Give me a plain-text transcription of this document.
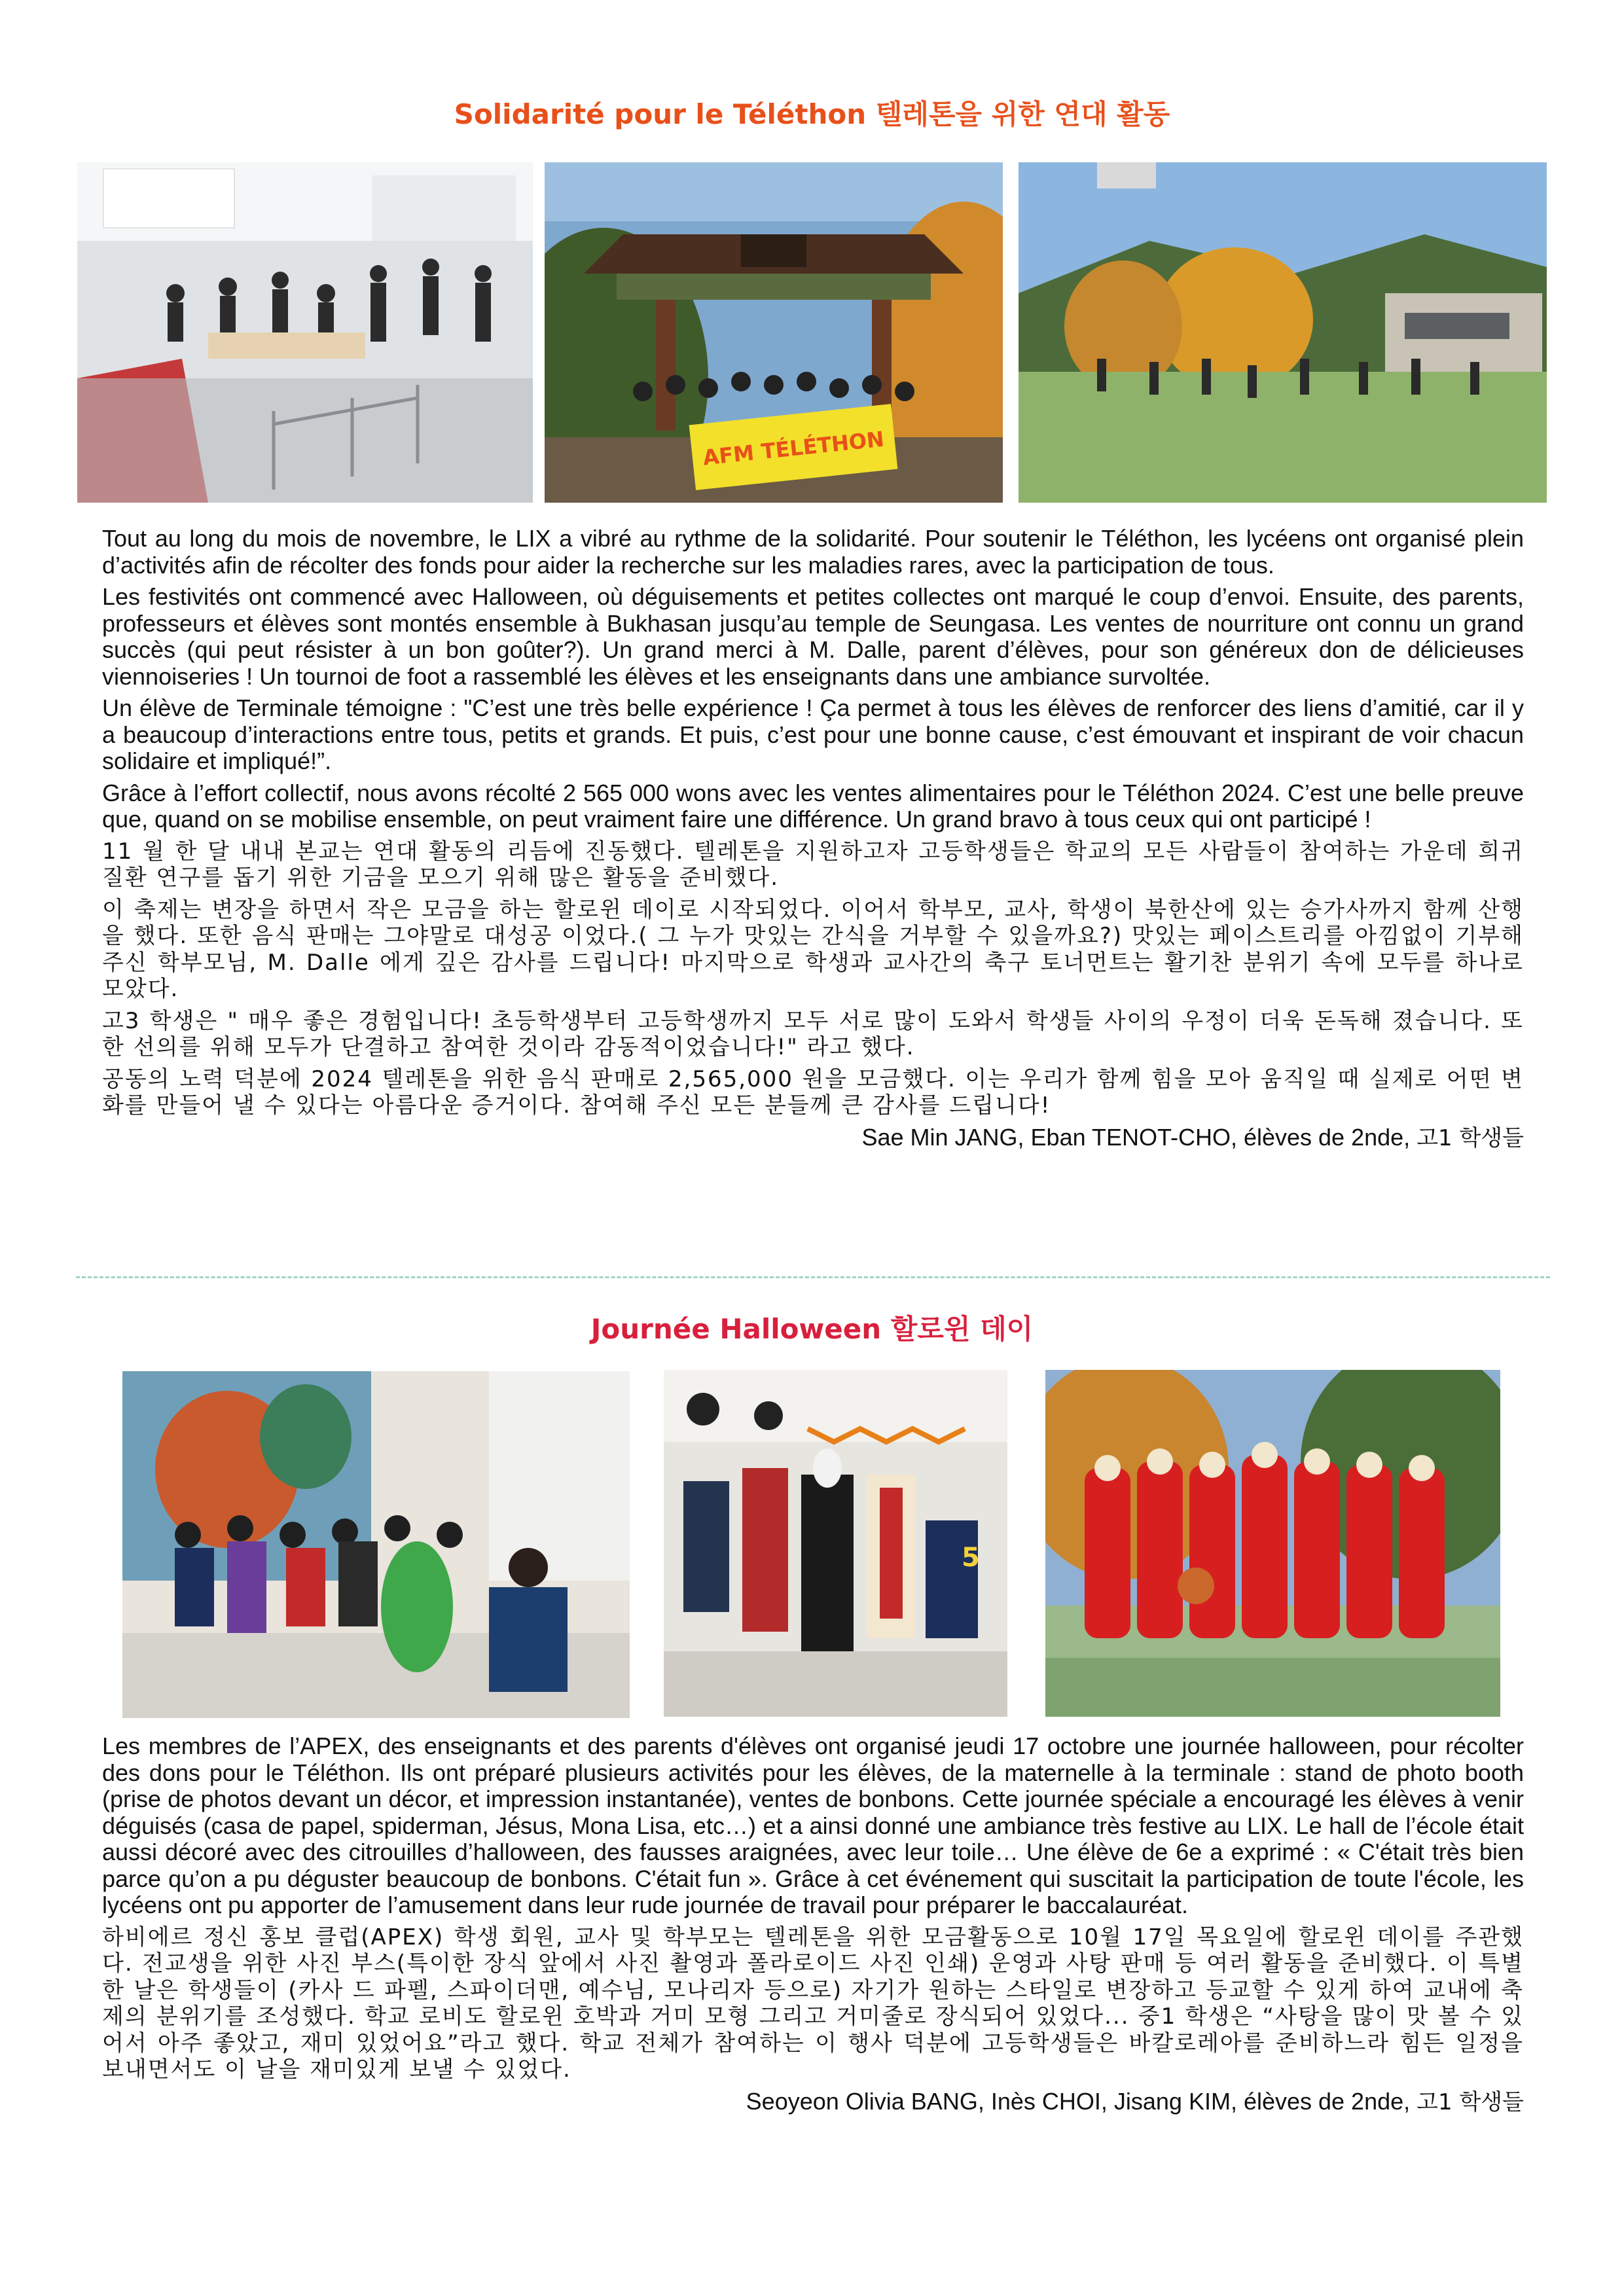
Solidarité pour le Téléthon 텔레톤을 위한 연대 활동
AFM TÉLÉTHON

Tout au long du mois de novembre, le LIX a vibré au rythme de la solidarité. Pour soutenir le Téléthon, les lycéens ont organisé plein d’activités afin de récolter des fonds pour aider la recherche sur les maladies rares, avec la participation de tous.

Les festivités ont commencé avec Halloween, où déguisements et petites collectes ont marqué le coup d’envoi. Ensuite, des parents, professeurs et élèves sont montés ensemble à Bukhasan jusqu’au temple de Seungasa. Les ventes de nourriture ont connu un grand succès (qui peut résister à un bon goûter?). Un grand merci à M. Dalle, parent d’élèves, pour son généreux don de délicieuses viennoiseries ! Un tournoi de foot a rassemblé les élèves et les enseignants dans une ambiance survoltée.

Un élève de Terminale témoigne : "C’est une très belle expérience ! Ça permet à tous les élèves de renforcer des liens d’amitié, car il y a beaucoup d’interactions entre tous, petits et grands. Et puis, c’est pour une bonne cause, c’est émouvant et inspirant de voir chacun solidaire et impliqué!”.

Grâce à l’effort collectif, nous avons récolté 2 565 000 wons avec les ventes alimentaires pour le Téléthon 2024. C’est une belle preuve que, quand on se mobilise ensemble, on peut vraiment faire une différence. Un grand bravo à tous ceux qui ont participé !

11 월 한 달 내내 본교는 연대 활동의 리듬에 진동했다. 텔레톤을 지원하고자 고등학생들은 학교의 모든 사람들이 참여하는 가운데 희귀질환 연구를 돕기 위한 기금을 모으기 위해 많은 활동을 준비했다.

이 축제는 변장을 하면서 작은 모금을 하는 할로윈 데이로 시작되었다. 이어서 학부모, 교사, 학생이 북한산에 있는 승가사까지 함께 산행을 했다. 또한 음식 판매는 그야말로 대성공 이었다.( 그 누가 맛있는 간식을 거부할 수 있을까요?) 맛있는 페이스트리를 아낌없이 기부해주신 학부모님, M. Dalle 에게 깊은 감사를 드립니다! 마지막으로 학생과 교사간의 축구 토너먼트는 활기찬 분위기 속에 모두를 하나로 모았다.

고3 학생은 " 매우 좋은 경험입니다! 초등학생부터 고등학생까지 모두 서로 많이 도와서 학생들 사이의 우정이 더욱 돈독해 졌습니다. 또한 선의를 위해 모두가 단결하고 참여한 것이라 감동적이었습니다!" 라고 했다.

공동의 노력 덕분에 2024 텔레톤을 위한 음식 판매로 2,565,000 원을 모금했다. 이는 우리가 함께 힘을 모아 움직일 때 실제로 어떤 변화를 만들어 낼 수 있다는 아름다운 증거이다. 참여해 주신 모든 분들께 큰 감사를 드립니다!

Sae Min JANG, Eban TENOT-CHO, élèves de 2nde, 고1 학생들

Journée Halloween 할로윈 데이
5

Les membres de l’APEX, des enseignants et des parents d'élèves ont organisé jeudi 17 octobre une journée halloween, pour récolter des dons pour le Téléthon. Ils ont préparé plusieurs activités pour les élèves, de la maternelle à la terminale : stand de photo booth (prise de photos devant un décor, et impression instantanée), ventes de bonbons. Cette journée spéciale a encouragé les élèves à venir déguisés (casa de papel, spiderman, Jésus, Mona Lisa, etc…) et a ainsi donné une ambiance très festive au LIX. Le hall de l’école était aussi décoré avec des citrouilles d’halloween, des fausses araignées, avec leur toile… Une élève de 6e a exprimé : « C'était très bien parce qu’on a pu déguster beaucoup de bonbons. C'était fun ». Grâce à cet événement qui suscitait la participation de toute l'école, les lycéens ont pu apporter de l’amusement dans leur rude journée de travail pour préparer le baccalauréat.

하비에르 정신 홍보 클럽(APEX) 학생 회원, 교사 및 학부모는 텔레톤을 위한 모금활동으로 10월 17일 목요일에 할로윈 데이를 주관했다. 전교생을 위한 사진 부스(특이한 장식 앞에서 사진 촬영과 폴라로이드 사진 인쇄) 운영과 사탕 판매 등 여러 활동을 준비했다. 이 특별한 날은 학생들이 (카사 드 파펠, 스파이더맨, 예수님, 모나리자 등으로) 자기가 원하는 스타일로 변장하고 등교할 수 있게 하여 교내에 축제의 분위기를 조성했다. 학교 로비도 할로윈 호박과 거미 모형 그리고 거미줄로 장식되어 있었다... 중1 학생은 “사탕을 많이 맛 볼 수 있어서 아주 좋았고, 재미 있었어요”라고 했다. 학교 전체가 참여하는 이 행사 덕분에 고등학생들은 바칼로레아를 준비하느라 힘든 일정을 보내면서도 이 날을 재미있게 보낼 수 있었다.

Seoyeon Olivia BANG, Inès CHOI, Jisang KIM, élèves de 2nde, 고1 학생들
